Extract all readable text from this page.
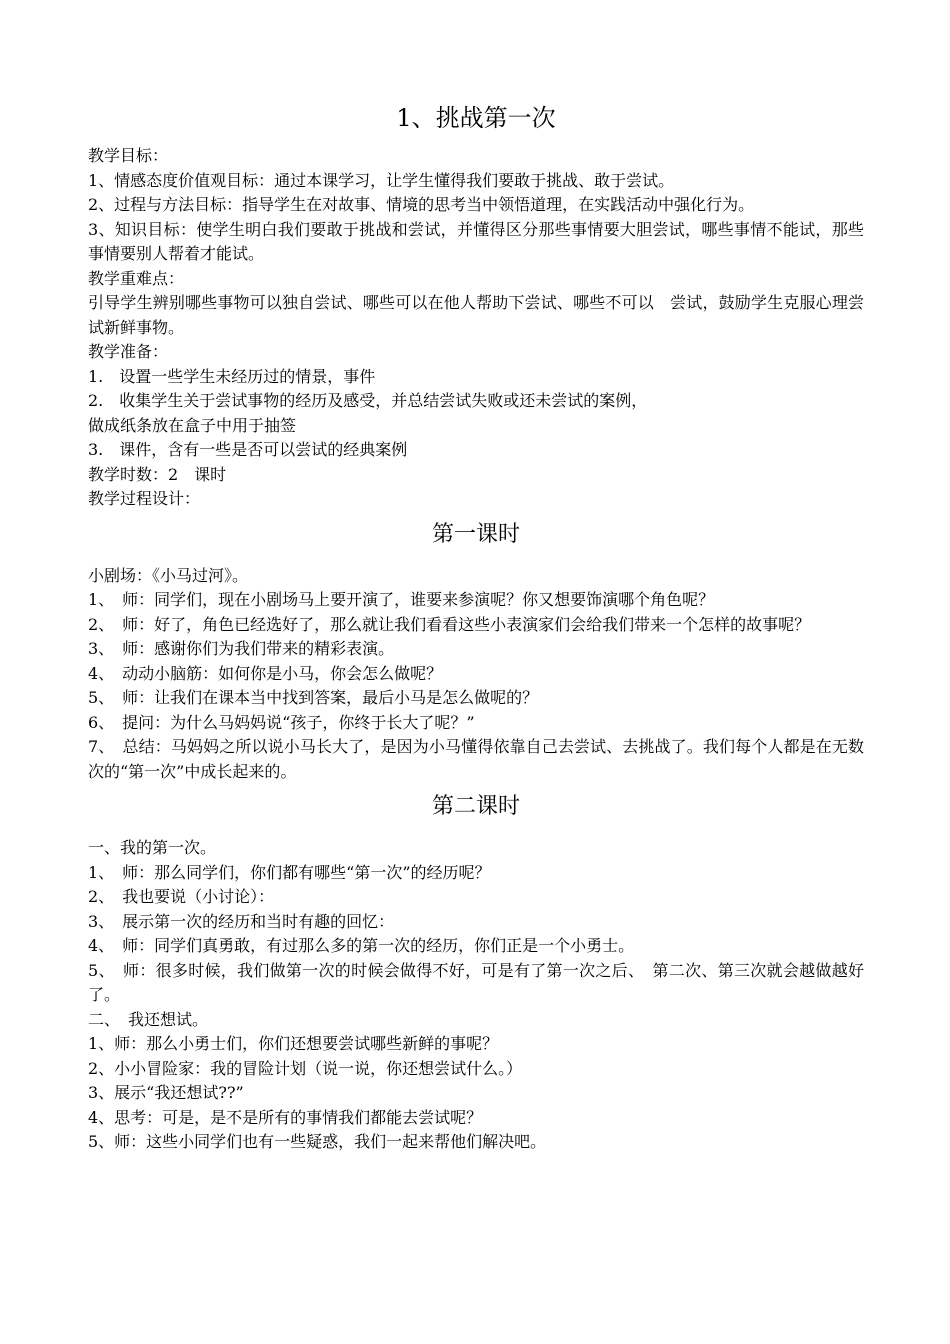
1、挑战第一次

教学目标：

1、情感态度价值观目标：通过本课学习，让学生懂得我们要敢于挑战、敢于尝试。

2、过程与方法目标：指导学生在对故事、情境的思考当中领悟道理，在实践活动中强化行为。

3、知识目标：使学生明白我们要敢于挑战和尝试，并懂得区分那些事情要大胆尝试，哪些事情不能试，那些事情要别人帮着才能试。

教学重难点：

引导学生辨别哪些事物可以独自尝试、哪些可以在他人帮助下尝试、哪些不可以　尝试，鼓励学生克服心理尝试新鲜事物。

教学准备：

1.　设置一些学生未经历过的情景，事件

2.　收集学生关于尝试事物的经历及感受，并总结尝试失败或还未尝试的案例，

做成纸条放在盒子中用于抽签

3.　课件，含有一些是否可以尝试的经典案例

教学时数：2　课时

教学过程设计：

第一课时

小剧场：《小马过河》。

1、　师：同学们，现在小剧场马上要开演了，谁要来参演呢？你又想要饰演哪个角色呢？

2、　师：好了，角色已经选好了，那么就让我们看看这些小表演家们会给我们带来一个怎样的故事呢？

3、　师：感谢你们为我们带来的精彩表演。

4、　动动小脑筋：如何你是小马，你会怎么做呢？

5、　师：让我们在课本当中找到答案，最后小马是怎么做呢的？

6、　提问：为什么马妈妈说“孩子，你终于长大了呢？”

7、　总结：马妈妈之所以说小马长大了，是因为小马懂得依靠自己去尝试、去挑战了。我们每个人都是在无数次的“第一次”中成长起来的。

第二课时

一、我的第一次。

1、　师：那么同学们，你们都有哪些“第一次”的经历呢？

2、　我也要说（小讨论）：

3、　展示第一次的经历和当时有趣的回忆：

4、　师：同学们真勇敢，有过那么多的第一次的经历，你们正是一个小勇士。

5、　师：很多时候，我们做第一次的时候会做得不好，可是有了第一次之后、　第二次、第三次就会越做越好了。

二、　我还想试。

1、师：那么小勇士们，你们还想要尝试哪些新鲜的事呢？

2、小小冒险家：我的冒险计划（说一说，你还想尝试什么。）

3、展示“我还想试??”

4、思考：可是，是不是所有的事情我们都能去尝试呢？

5、师：这些小同学们也有一些疑惑，我们一起来帮他们解决吧。
